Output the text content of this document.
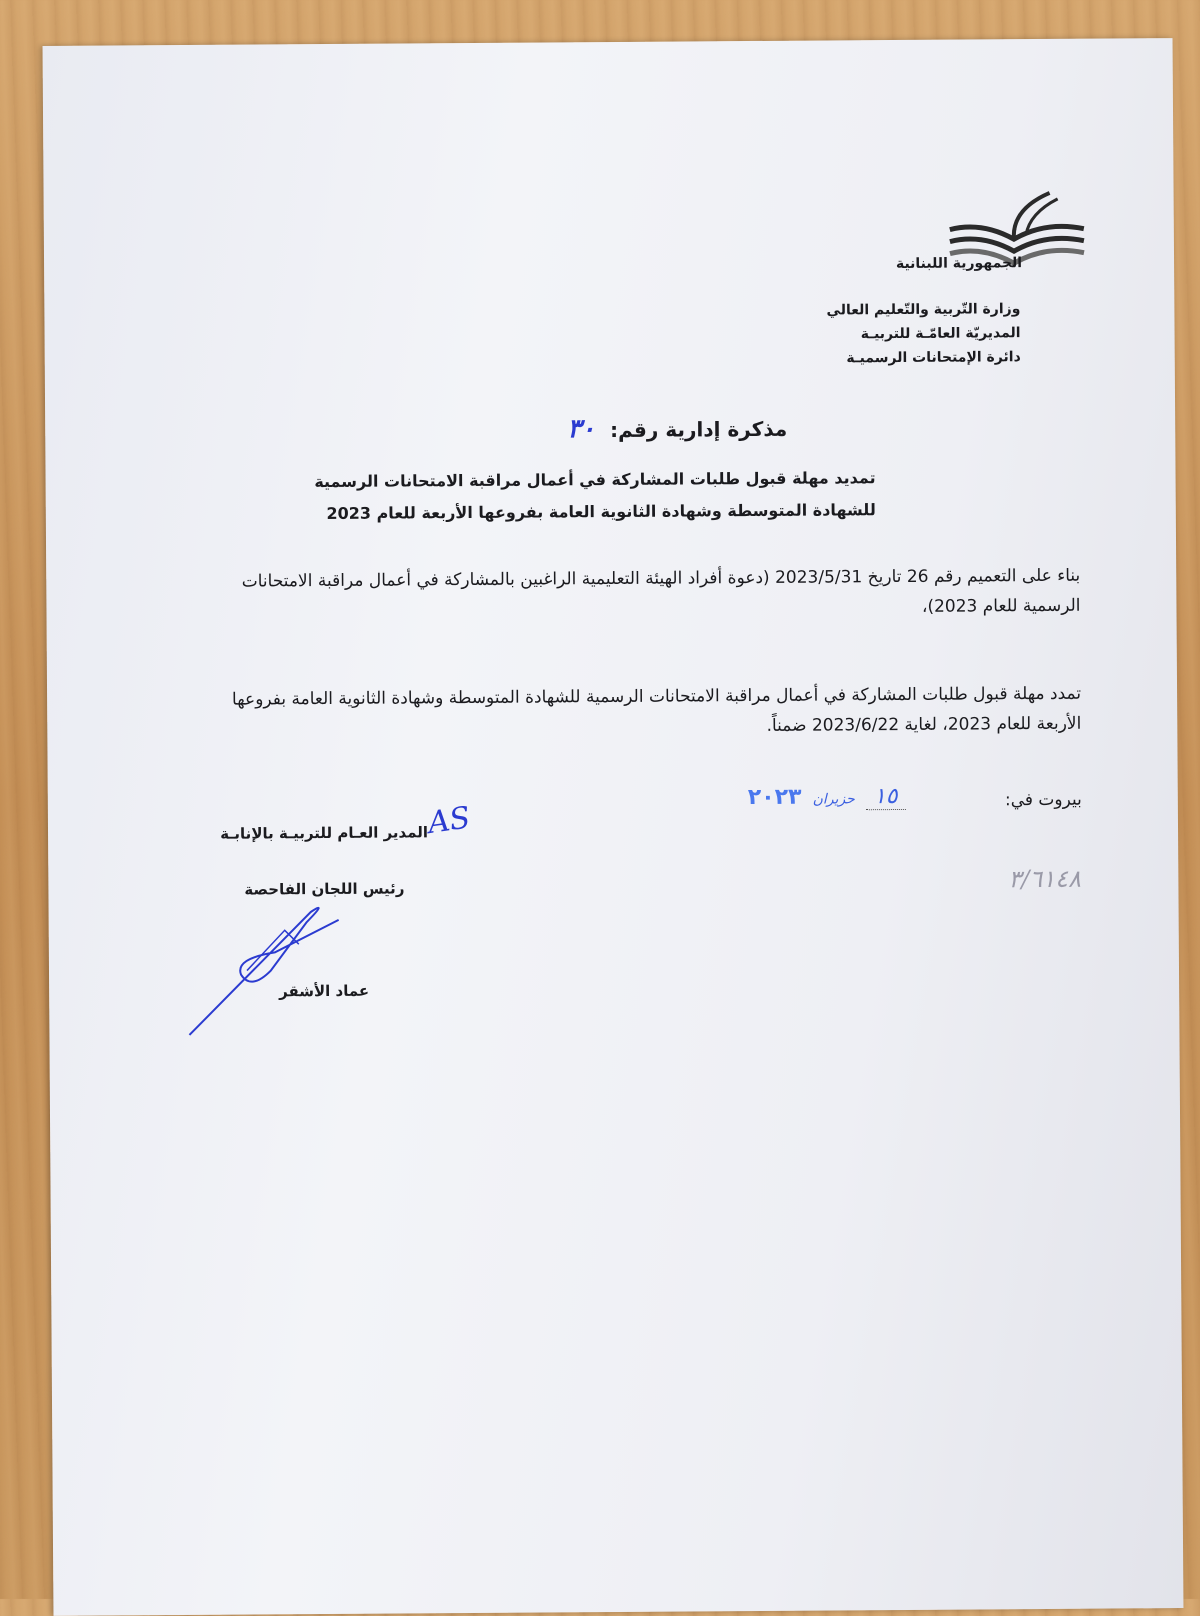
الجمهورية اللبنانية
وزارة التّربية والتّعليم العالي
المديريّة العامّـة للتربيـة
دائرة الإمتحانات الرسميـة
مذكرة إدارية رقم: ٣٠
تمديد مهلة قبول طلبات المشاركة في أعمال مراقبة الامتحانات الرسمية
للشهادة المتوسطة وشهادة الثانوية العامة بفروعها الأربعة للعام 2023
بناء على التعميم رقم 26 تاريخ 2023/5/31 (دعوة أفراد الهيئة التعليمية الراغبين بالمشاركة في أعمال مراقبة الامتحانات
الرسمية للعام 2023)،
تمدد مهلة قبول طلبات المشاركة في أعمال مراقبة الامتحانات الرسمية للشهادة المتوسطة وشهادة الثانوية العامة بفروعها
الأربعة للعام 2023، لغاية 2023/6/22 ضمناً.
بيروت في:
١٥ حزيران ٢٠٢٣
٣/٦١٤٨
المدير العـام للتربيـة بالإنابـة
AS
رئيس اللجان الفاحصة
عماد الأشقر
